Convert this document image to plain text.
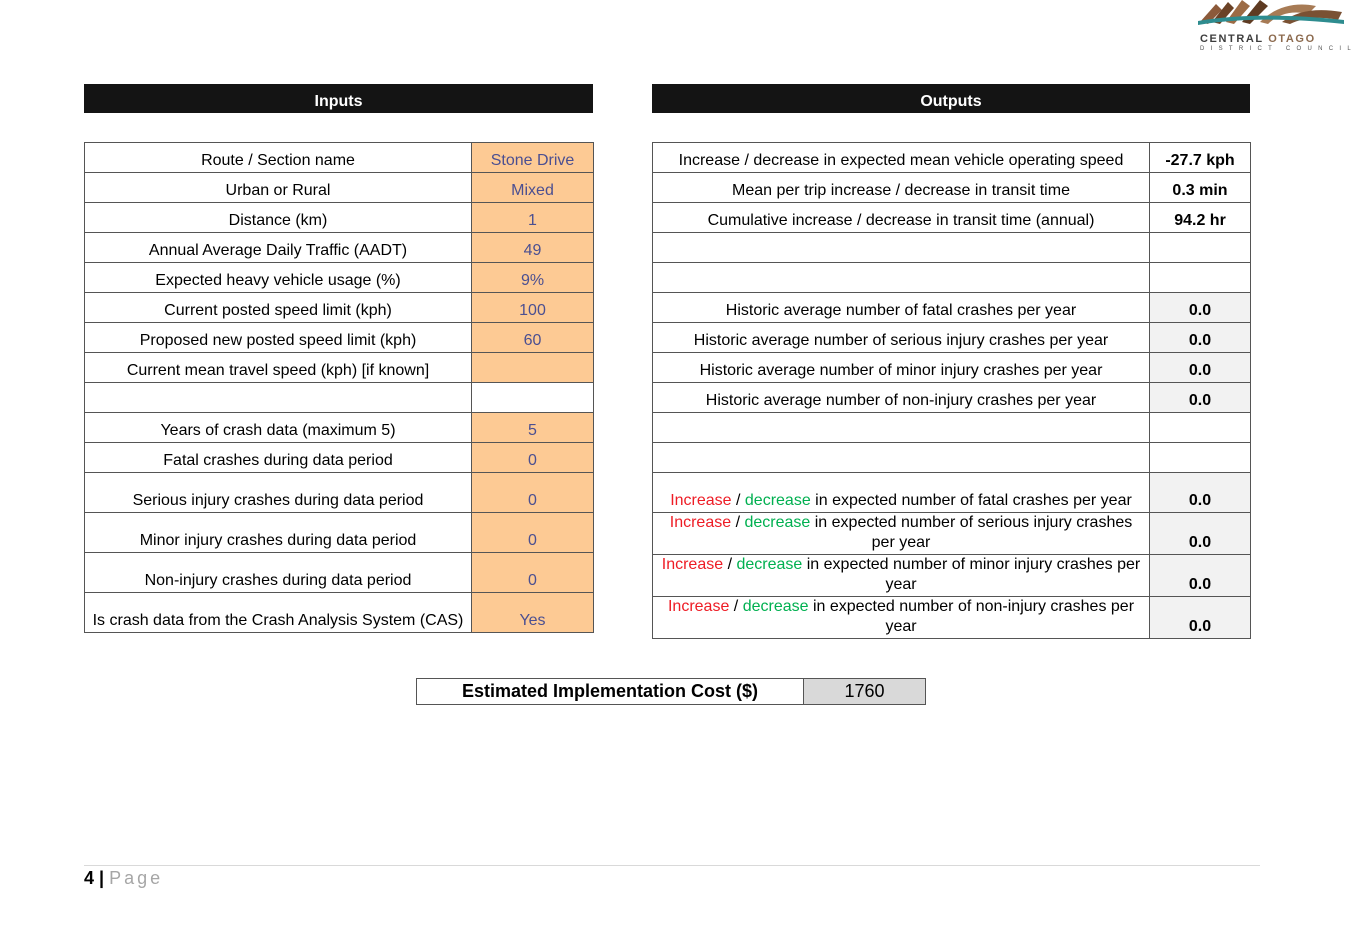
CENTRAL OTAGO
DISTRICT COUNCIL
Inputs	Outputs
Route / Section name	Stone Drive
Urban or Rural	Mixed
Distance (km)	1
Annual Average Daily Traffic (AADT)	49
Expected heavy vehicle usage (%)	9%
Current posted speed limit (kph)	100
Proposed new posted speed limit (kph)	60
Current mean travel speed (kph) [if known]	

Years of crash data (maximum 5)	5
Fatal crashes during data period	0
Serious injury crashes during data period	0
Minor injury crashes during data period	0
Non-injury crashes during data period	0
Is crash data from the Crash Analysis System (CAS)	Yes
Increase / decrease in expected mean vehicle operating speed	-27.7 kph
Mean per trip increase / decrease in transit time	0.3 min
Cumulative increase / decrease in transit time (annual)	94.2 hr

Historic average number of fatal crashes per year	0.0
Historic average number of serious injury crashes per year	0.0
Historic average number of minor injury crashes per year	0.0
Historic average number of non-injury crashes per year	0.0

Increase / decrease in expected number of fatal crashes per year	0.0
Increase / decrease in expected number of serious injury crashes per year	0.0
Increase / decrease in expected number of minor injury crashes per year	0.0
Increase / decrease in expected number of non-injury crashes per year	0.0
Estimated Implementation Cost ($)	1760
4 | Page
